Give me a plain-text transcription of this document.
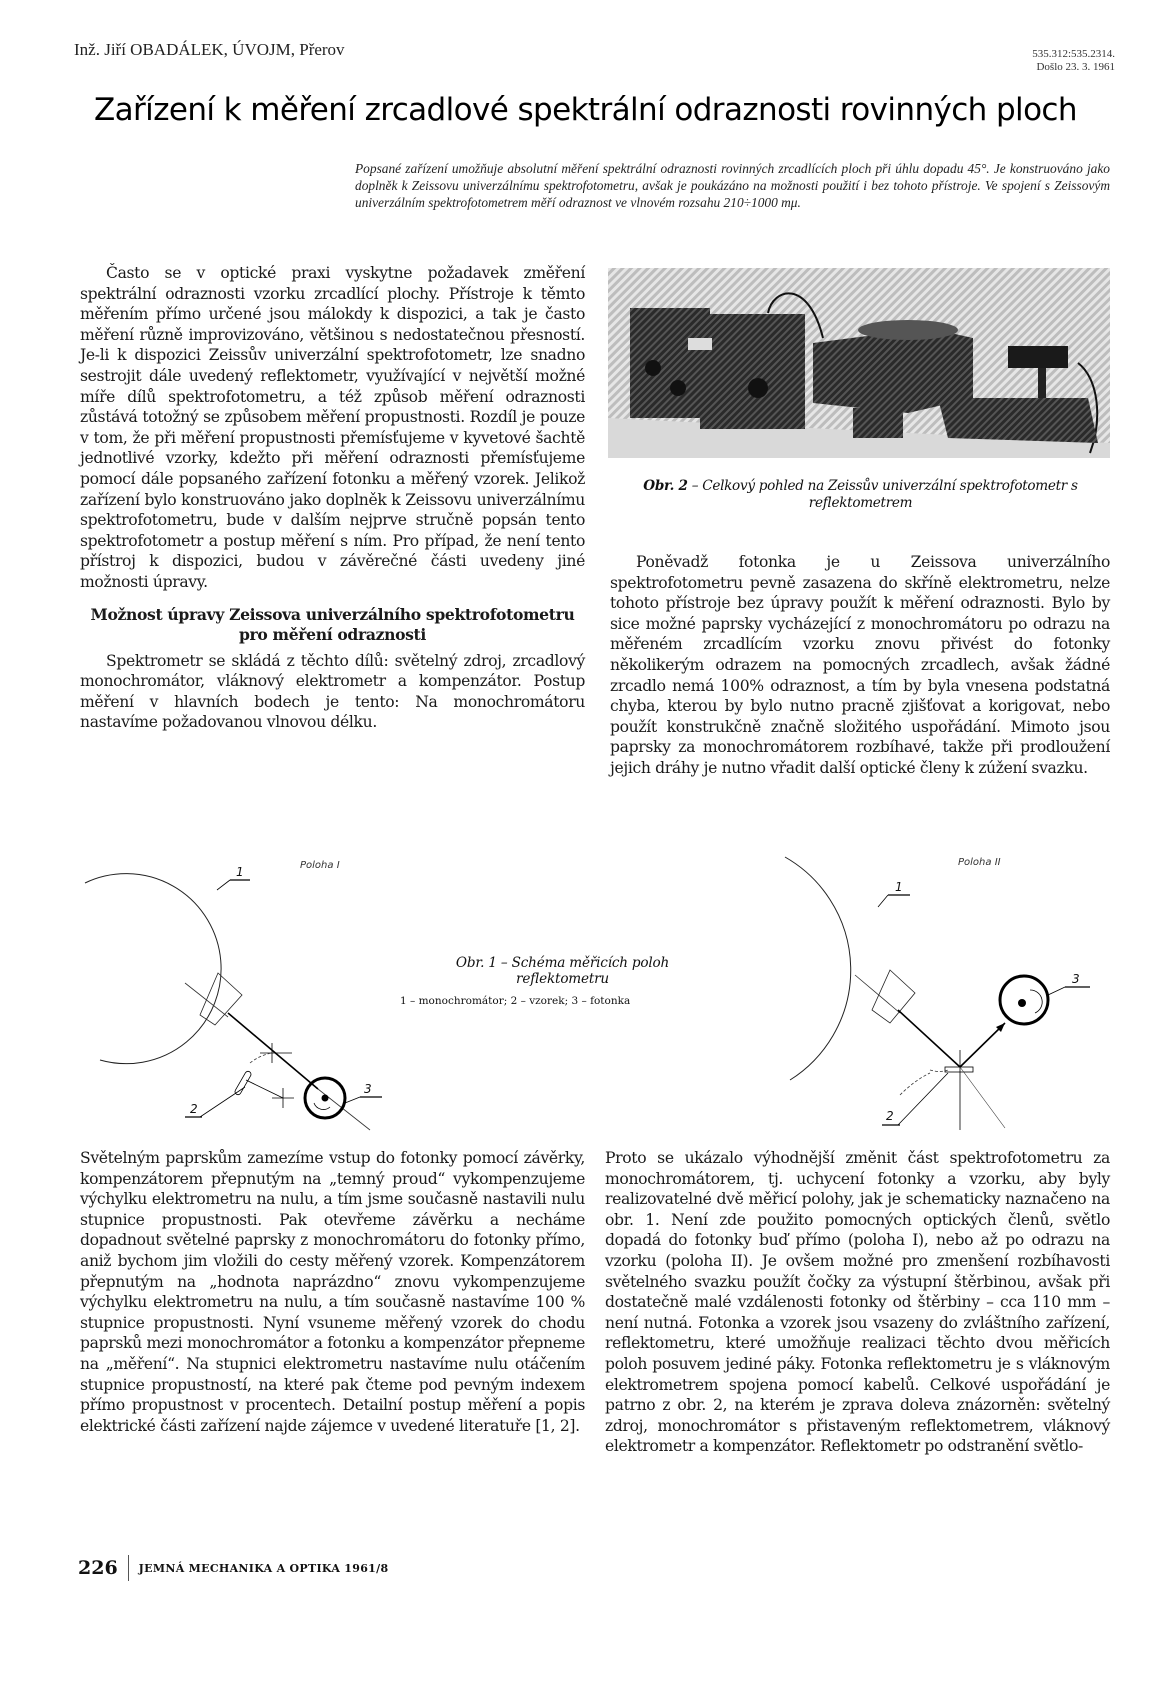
Inž. Jiří OBADÁLEK, ÚVOJM, Přerov	535.312:535.2314.
Došlo 23. 3. 1961
Zařízení k měření zrcadlové spektrální odraznosti rovinných ploch
Popsané zařízení umožňuje absolutní měření spektrální odraznosti rovinných zrcadlících ploch při úhlu dopadu 45°. Je konstruováno jako doplněk k Zeissovu univerzálnímu spektrofotometru, avšak je poukázáno na možnosti použití i bez tohoto přístroje. Ve spojení s Zeissovým univerzálním spektrofotometrem měří odraznost ve vlnovém rozsahu 210÷1000 mμ.

Často se v optické praxi vyskytne požadavek změření spektrální odraznosti vzorku zrcadlící plochy. Přístroje k těmto měřením přímo určené jsou málokdy k dispozici, a tak je často měření různě improvizováno, většinou s nedostatečnou přesností. Je-li k dispozici Zeissův univerzální spektrofotometr, lze snadno sestrojit dále uvedený reflektometr, využívající v největší možné míře dílů spektrofotometru, a též způsob měření odraznosti zůstává totožný se způsobem měření propustnosti. Rozdíl je pouze v tom, že při měření propustnosti přemísťujeme v kyvetové šachtě jednotlivé vzorky, kdežto při měření odraznosti přemísťujeme pomocí dále popsaného zařízení fotonku a měřený vzorek. Jelikož zařízení bylo konstruováno jako doplněk k Zeissovu univerzálnímu spektrofotometru, bude v dalším nejprve stručně popsán tento spektrofotometr a postup měření s ním. Pro případ, že není tento přístroj k dispozici, budou v závěrečné části uvedeny jiné možnosti úpravy.

Možnost úpravy Zeissova univerzálního spektrofotometru pro měření odraznosti

Spektrometr se skládá z těchto dílů: světelný zdroj, zrcadlový monochromátor, vláknový elektrometr a kompenzátor. Postup měření v hlavních bodech je tento: Na monochromátoru nastavíme požadovanou vlnovou délku.

Obr. 2 – Celkový pohled na Zeissův univerzální spektrofotometr s reflektometrem

Poněvadž fotonka je u Zeissova univerzálního spektrofotometru pevně zasazena do skříně elektrometru, nelze tohoto přístroje bez úpravy použít k měření odraznosti. Bylo by sice možné paprsky vycházející z monochromátoru po odrazu na měřeném zrcadlícím vzorku znovu přivést do fotonky několikerým odrazem na pomocných zrcadlech, avšak žádné zrcadlo nemá 100% odraznost, a tím by byla vnesena podstatná chyba, kterou by bylo nutno pracně zjišťovat a korigovat, nebo použít konstrukčně značně složitého uspořádání. Mimoto jsou paprsky za monochromátorem rozbíhavé, takže při prodloužení jejich dráhy je nutno vřadit další optické členy k zúžení svazku.

Poloha I
1
2
3
Poloha II
1
2
3
Obr. 1 – Schéma měřicích poloh reflektometru
1 – monochromátor; 2 – vzorek; 3 – fotonka

Světelným paprskům zamezíme vstup do fotonky pomocí závěrky, kompenzátorem přepnutým na „temný proud“ vykompenzujeme výchylku elektrometru na nulu, a tím jsme současně nastavili nulu stupnice propustnosti. Pak otevřeme závěrku a necháme dopadnout světelné paprsky z monochromátoru do fotonky přímo, aniž bychom jim vložili do cesty měřený vzorek. Kompenzátorem přepnutým na „hodnota naprázdno“ znovu vykompenzujeme výchylku elektrometru na nulu, a tím současně nastavíme 100 % stupnice propustnosti. Nyní vsuneme měřený vzorek do chodu paprsků mezi monochromátor a fotonku a kompenzátor přepneme na „měření“. Na stupnici elektrometru nastavíme nulu otáčením stupnice propustností, na které pak čteme pod pevným indexem přímo propustnost v procentech. Detailní postup měření a popis elektrické části zařízení najde zájemce v uvedené literatuře [1, 2].

Proto se ukázalo výhodnější změnit část spektrofotometru za monochromátorem, tj. uchycení fotonky a vzorku, aby byly realizovatelné dvě měřicí polohy, jak je schematicky naznačeno na obr. 1. Není zde použito pomocných optických členů, světlo dopadá do fotonky buď přímo (poloha I), nebo až po odrazu na vzorku (poloha II). Je ovšem možné pro zmenšení rozbíhavosti světelného svazku použít čočky za výstupní štěrbinou, avšak při dostatečně malé vzdálenosti fotonky od štěrbiny – cca 110 mm – není nutná. Fotonka a vzorek jsou vsazeny do zvláštního zařízení, reflektometru, které umožňuje realizaci těchto dvou měřicích poloh posuvem jediné páky. Fotonka reflektometru je s vláknovým elektrometrem spojena pomocí kabelů. Celkové uspořádání je patrno z obr. 2, na kterém je zprava doleva znázorněn: světelný zdroj, monochromátor s přistaveným reflektometrem, vláknový elektrometr a kompenzátor. Reflektometr po odstranění světlo-

226 JEMNÁ MECHANIKA A OPTIKA 1961/8
